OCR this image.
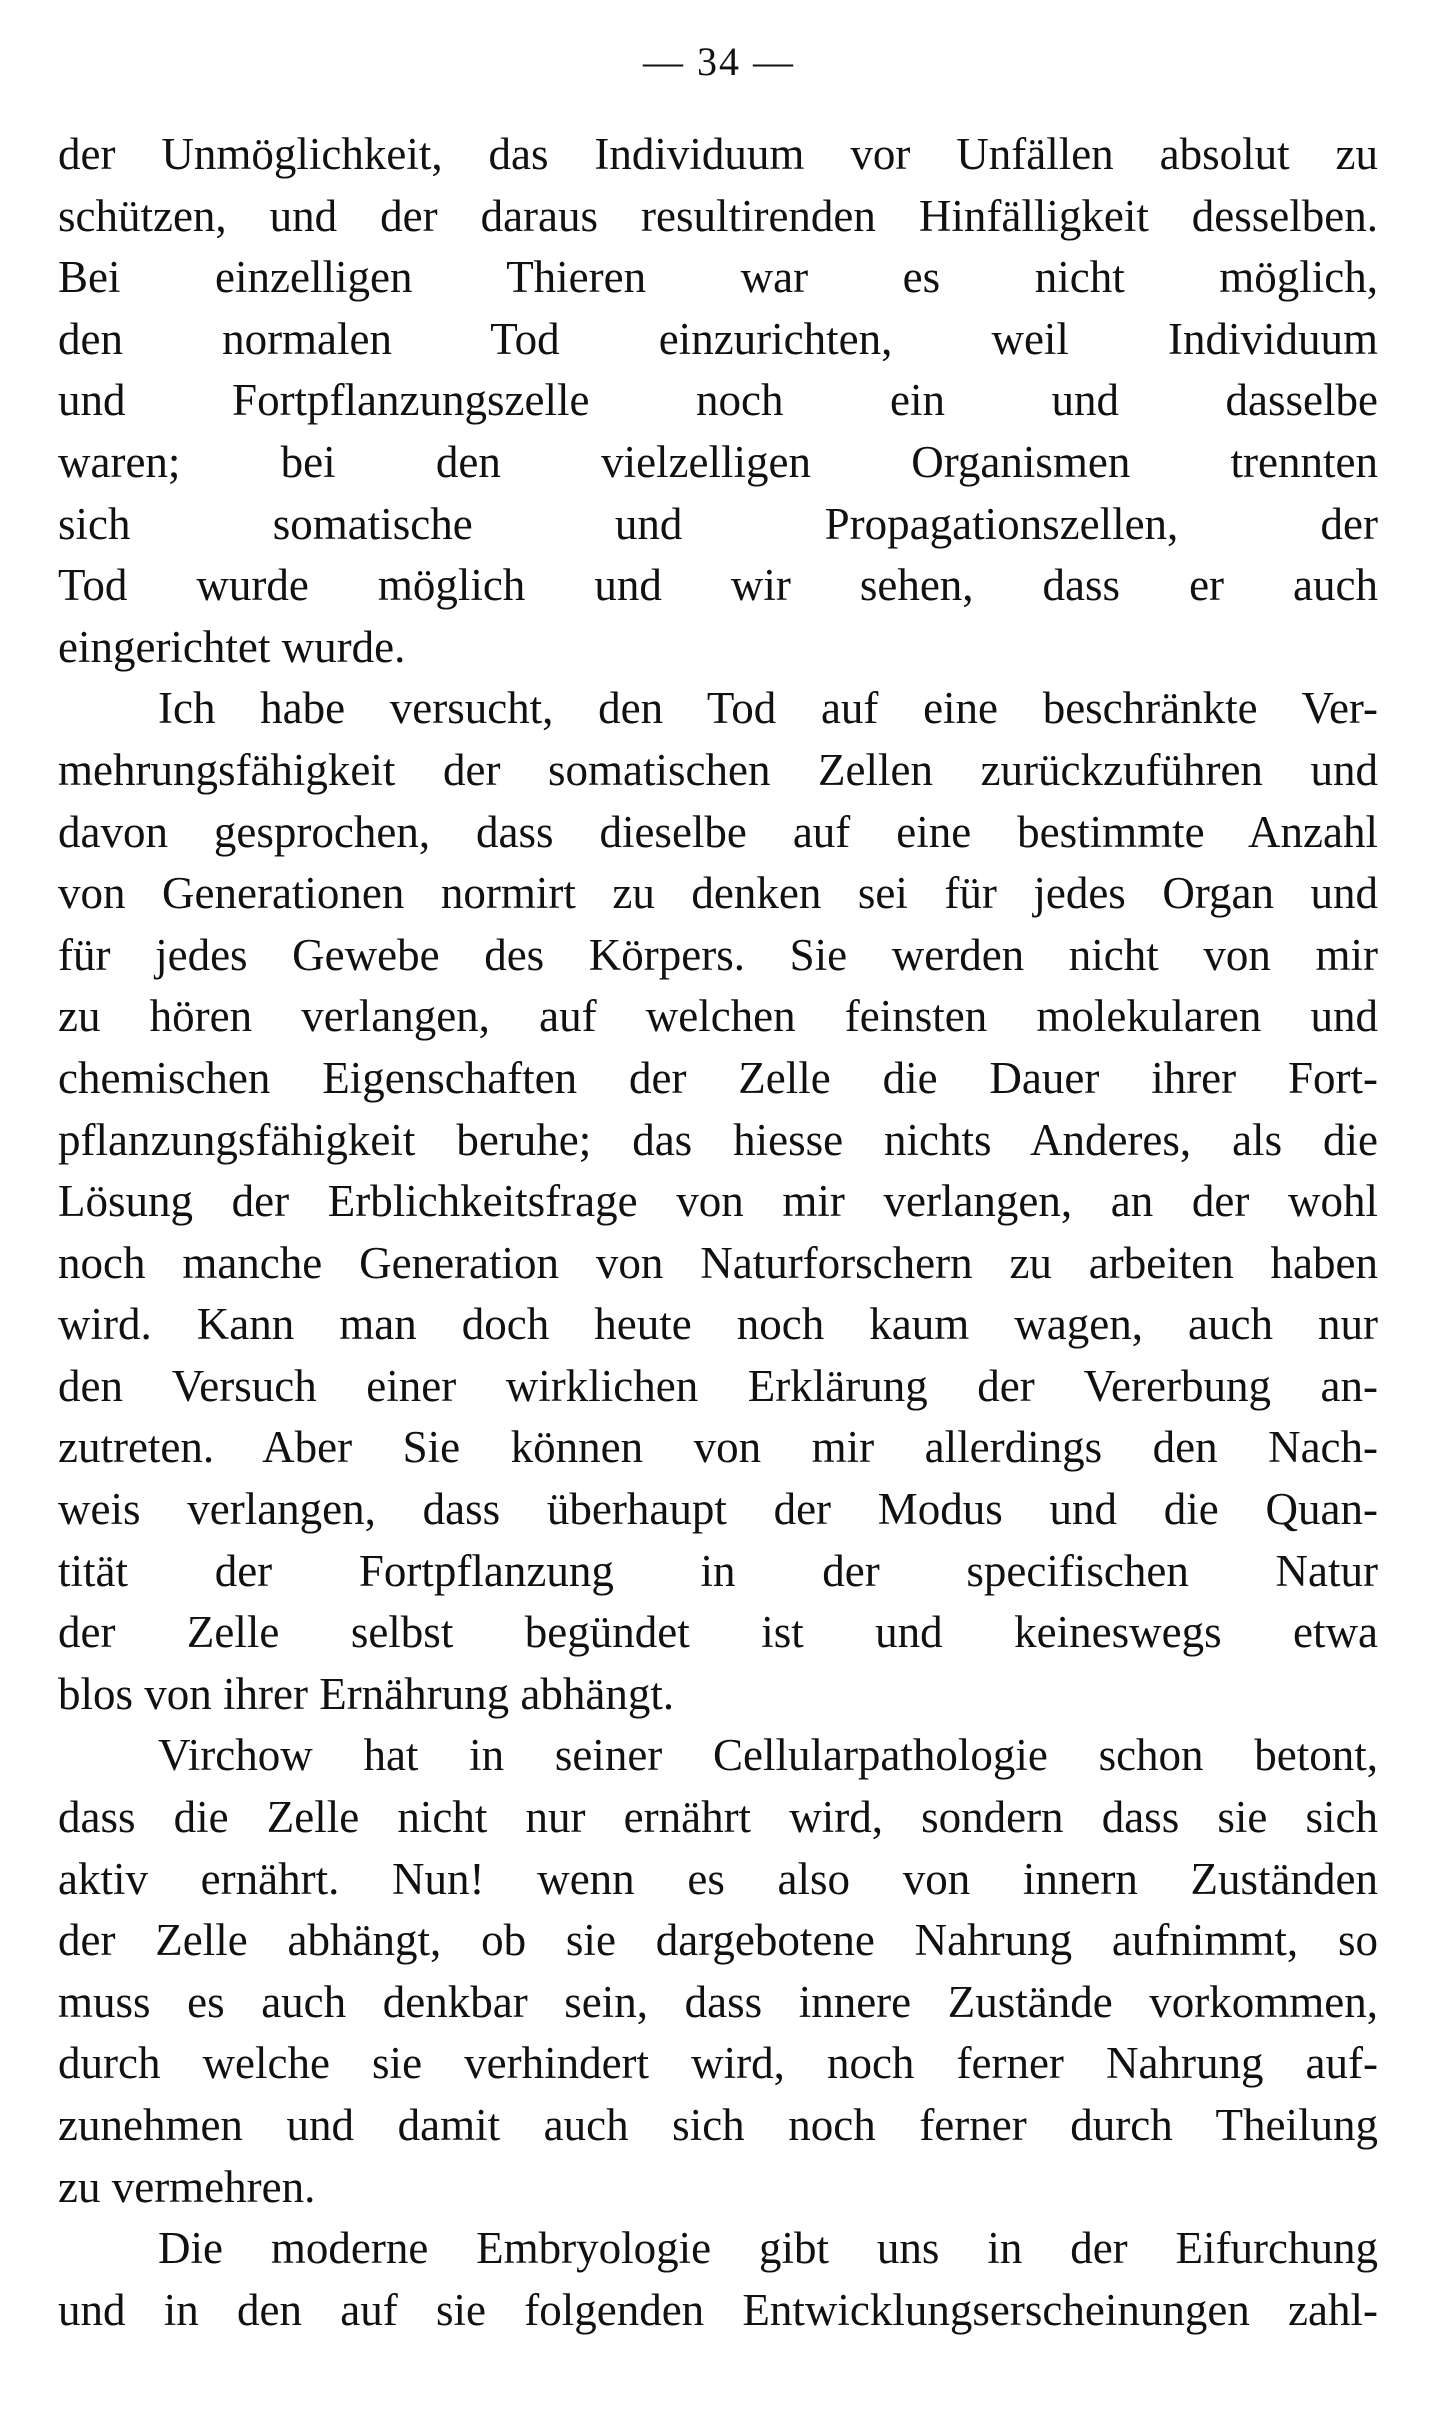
— 34 —
der Unmöglichkeit, das Individuum vor Unfällen absolut zu
schützen, und der daraus resultirenden Hinfälligkeit desselben.
Bei einzelligen Thieren war es nicht möglich,
den normalen Tod einzurichten, weil Individuum
und Fortpflanzungszelle noch ein und dasselbe
waren; bei den vielzelligen Organismen trennten
sich somatische und Propagationszellen, der
Tod wurde möglich und wir sehen, dass er auch
eingerichtet wurde.
Ich habe versucht, den Tod auf eine beschränkte Ver-
mehrungsfähigkeit der somatischen Zellen zurückzuführen und
davon gesprochen, dass dieselbe auf eine bestimmte Anzahl
von Generationen normirt zu denken sei für jedes Organ und
für jedes Gewebe des Körpers. Sie werden nicht von mir
zu hören verlangen, auf welchen feinsten molekularen und
chemischen Eigenschaften der Zelle die Dauer ihrer Fort-
pflanzungsfähigkeit beruhe; das hiesse nichts Anderes, als die
Lösung der Erblichkeitsfrage von mir verlangen, an der wohl
noch manche Generation von Naturforschern zu arbeiten haben
wird. Kann man doch heute noch kaum wagen, auch nur
den Versuch einer wirklichen Erklärung der Vererbung an-
zutreten. Aber Sie können von mir allerdings den Nach-
weis verlangen, dass überhaupt der Modus und die Quan-
tität der Fortpflanzung in der specifischen Natur
der Zelle selbst begündet ist und keineswegs etwa
blos von ihrer Ernährung abhängt.
Virchow hat in seiner Cellularpathologie schon betont,
dass die Zelle nicht nur ernährt wird, sondern dass sie sich
aktiv ernährt. Nun! wenn es also von innern Zuständen
der Zelle abhängt, ob sie dargebotene Nahrung aufnimmt, so
muss es auch denkbar sein, dass innere Zustände vorkommen,
durch welche sie verhindert wird, noch ferner Nahrung auf-
zunehmen und damit auch sich noch ferner durch Theilung
zu vermehren.
Die moderne Embryologie gibt uns in der Eifurchung
und in den auf sie folgenden Entwicklungserscheinungen zahl-
